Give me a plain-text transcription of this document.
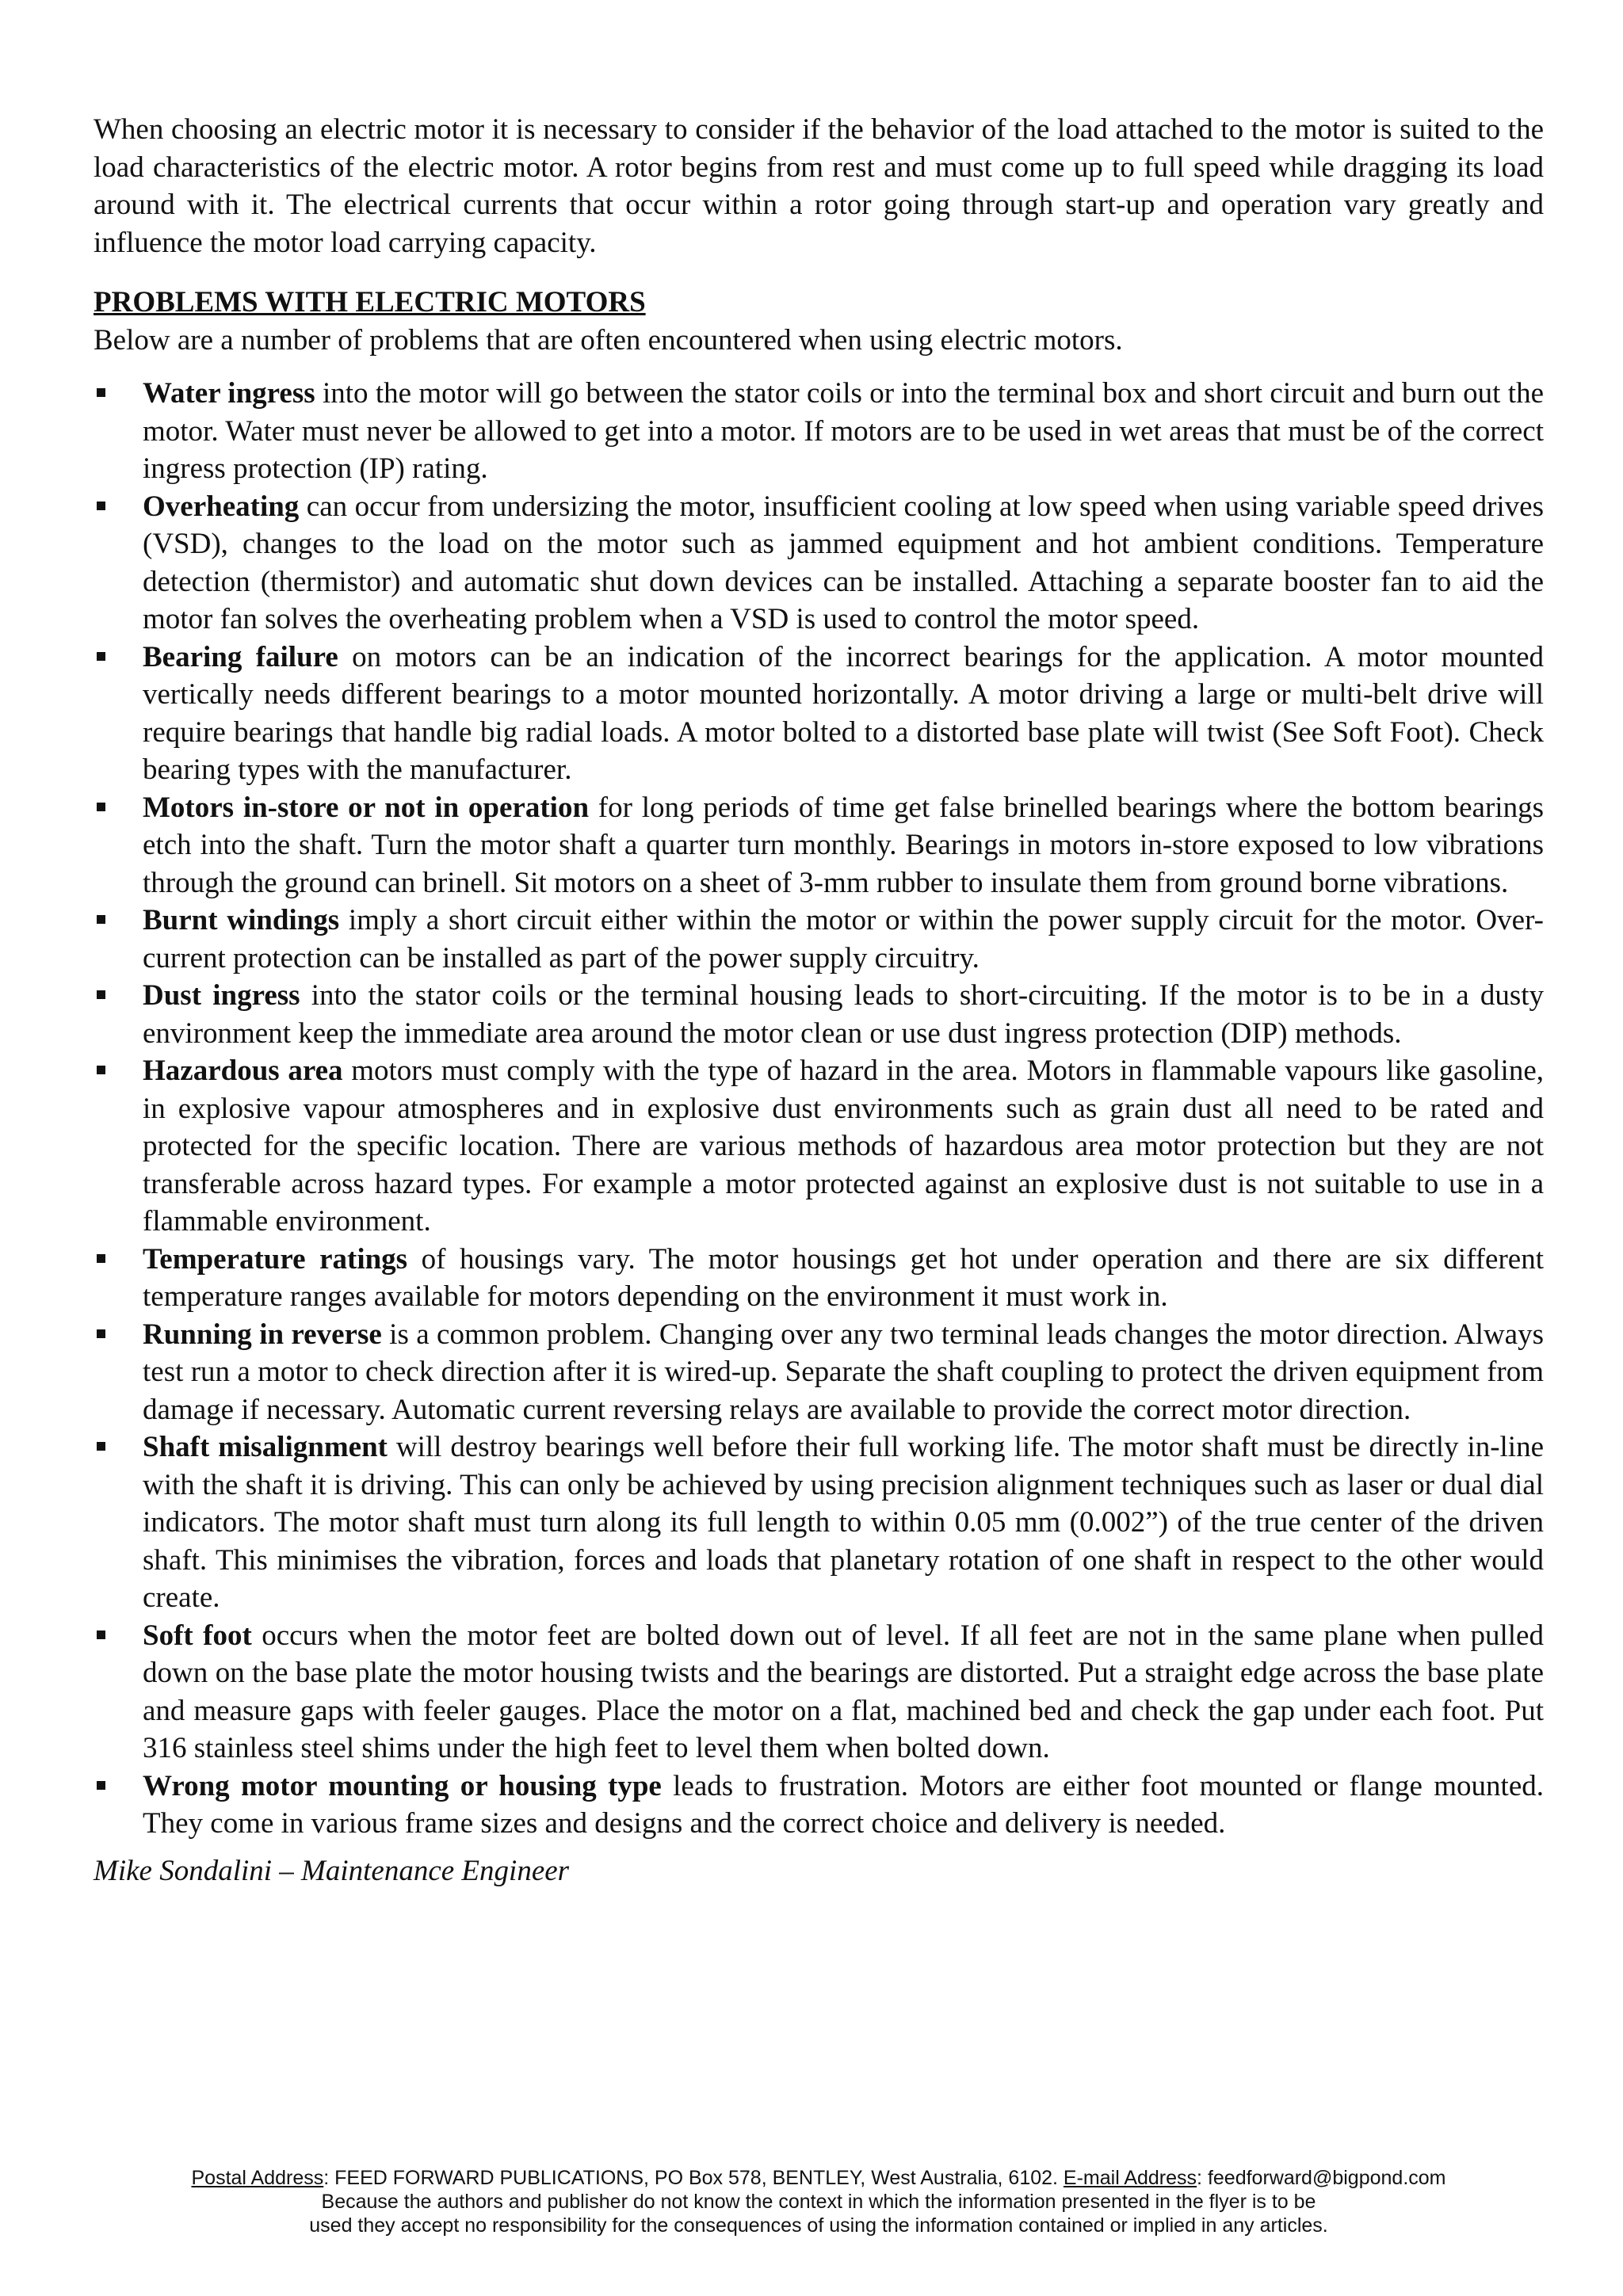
When choosing an electric motor it is necessary to consider if the behavior of the load attached to the motor is suited to the load characteristics of the electric motor. A rotor begins from rest and must come up to full speed while dragging its load around with it. The electrical currents that occur within a rotor going through start-up and operation vary greatly and influence the motor load carrying capacity.

PROBLEMS WITH ELECTRIC MOTORS

Below are a number of problems that are often encountered when using electric motors.

Water ingress into the motor will go between the stator coils or into the terminal box and short circuit and burn out the motor. Water must never be allowed to get into a motor. If motors are to be used in wet areas that must be of the correct ingress protection (IP) rating.
Overheating can occur from undersizing the motor, insufficient cooling at low speed when using variable speed drives (VSD), changes to the load on the motor such as jammed equipment and hot ambient conditions. Temperature detection (thermistor) and automatic shut down devices can be installed. Attaching a separate booster fan to aid the motor fan solves the overheating problem when a VSD is used to control the motor speed.
Bearing failure on motors can be an indication of the incorrect bearings for the application. A motor mounted vertically needs different bearings to a motor mounted horizontally. A motor driving a large or multi-belt drive will require bearings that handle big radial loads. A motor bolted to a distorted base plate will twist (See Soft Foot). Check bearing types with the manufacturer.
Motors in-store or not in operation for long periods of time get false brinelled bearings where the bottom bearings etch into the shaft. Turn the motor shaft a quarter turn monthly. Bearings in motors in-store exposed to low vibrations through the ground can brinell. Sit motors on a sheet of 3-mm rubber to insulate them from ground borne vibrations.
Burnt windings imply a short circuit either within the motor or within the power supply circuit for the motor. Over-current protection can be installed as part of the power supply circuitry.
Dust ingress into the stator coils or the terminal housing leads to short-circuiting. If the motor is to be in a dusty environment keep the immediate area around the motor clean or use dust ingress protection (DIP) methods.
Hazardous area motors must comply with the type of hazard in the area. Motors in flammable vapours like gasoline, in explosive vapour atmospheres and in explosive dust environments such as grain dust all need to be rated and protected for the specific location. There are various methods of hazardous area motor protection but they are not transferable across hazard types. For example a motor protected against an explosive dust is not suitable to use in a flammable environment.
Temperature ratings of housings vary. The motor housings get hot under operation and there are six different temperature ranges available for motors depending on the environment it must work in.
Running in reverse is a common problem. Changing over any two terminal leads changes the motor direction. Always test run a motor to check direction after it is wired-up. Separate the shaft coupling to protect the driven equipment from damage if necessary. Automatic current reversing relays are available to provide the correct motor direction.
Shaft misalignment will destroy bearings well before their full working life. The motor shaft must be directly in-line with the shaft it is driving. This can only be achieved by using precision alignment techniques such as laser or dual dial indicators. The motor shaft must turn along its full length to within 0.05 mm (0.002”) of the true center of the driven shaft. This minimises the vibration, forces and loads that planetary rotation of one shaft in respect to the other would create.
Soft foot occurs when the motor feet are bolted down out of level. If all feet are not in the same plane when pulled down on the base plate the motor housing twists and the bearings are distorted. Put a straight edge across the base plate and measure gaps with feeler gauges. Place the motor on a flat, machined bed and check the gap under each foot. Put 316 stainless steel shims under the high feet to level them when bolted down.
Wrong motor mounting or housing type leads to frustration. Motors are either foot mounted or flange mounted. They come in various frame sizes and designs and the correct choice and delivery is needed.

Mike Sondalini – Maintenance Engineer

Postal Address: FEED FORWARD PUBLICATIONS, PO Box 578, BENTLEY, West Australia, 6102. E-mail Address: feedforward@bigpond.com

Because the authors and publisher do not know the context in which the information presented in the flyer is to be

used they accept no responsibility for the consequences of using the information contained or implied in any articles.
